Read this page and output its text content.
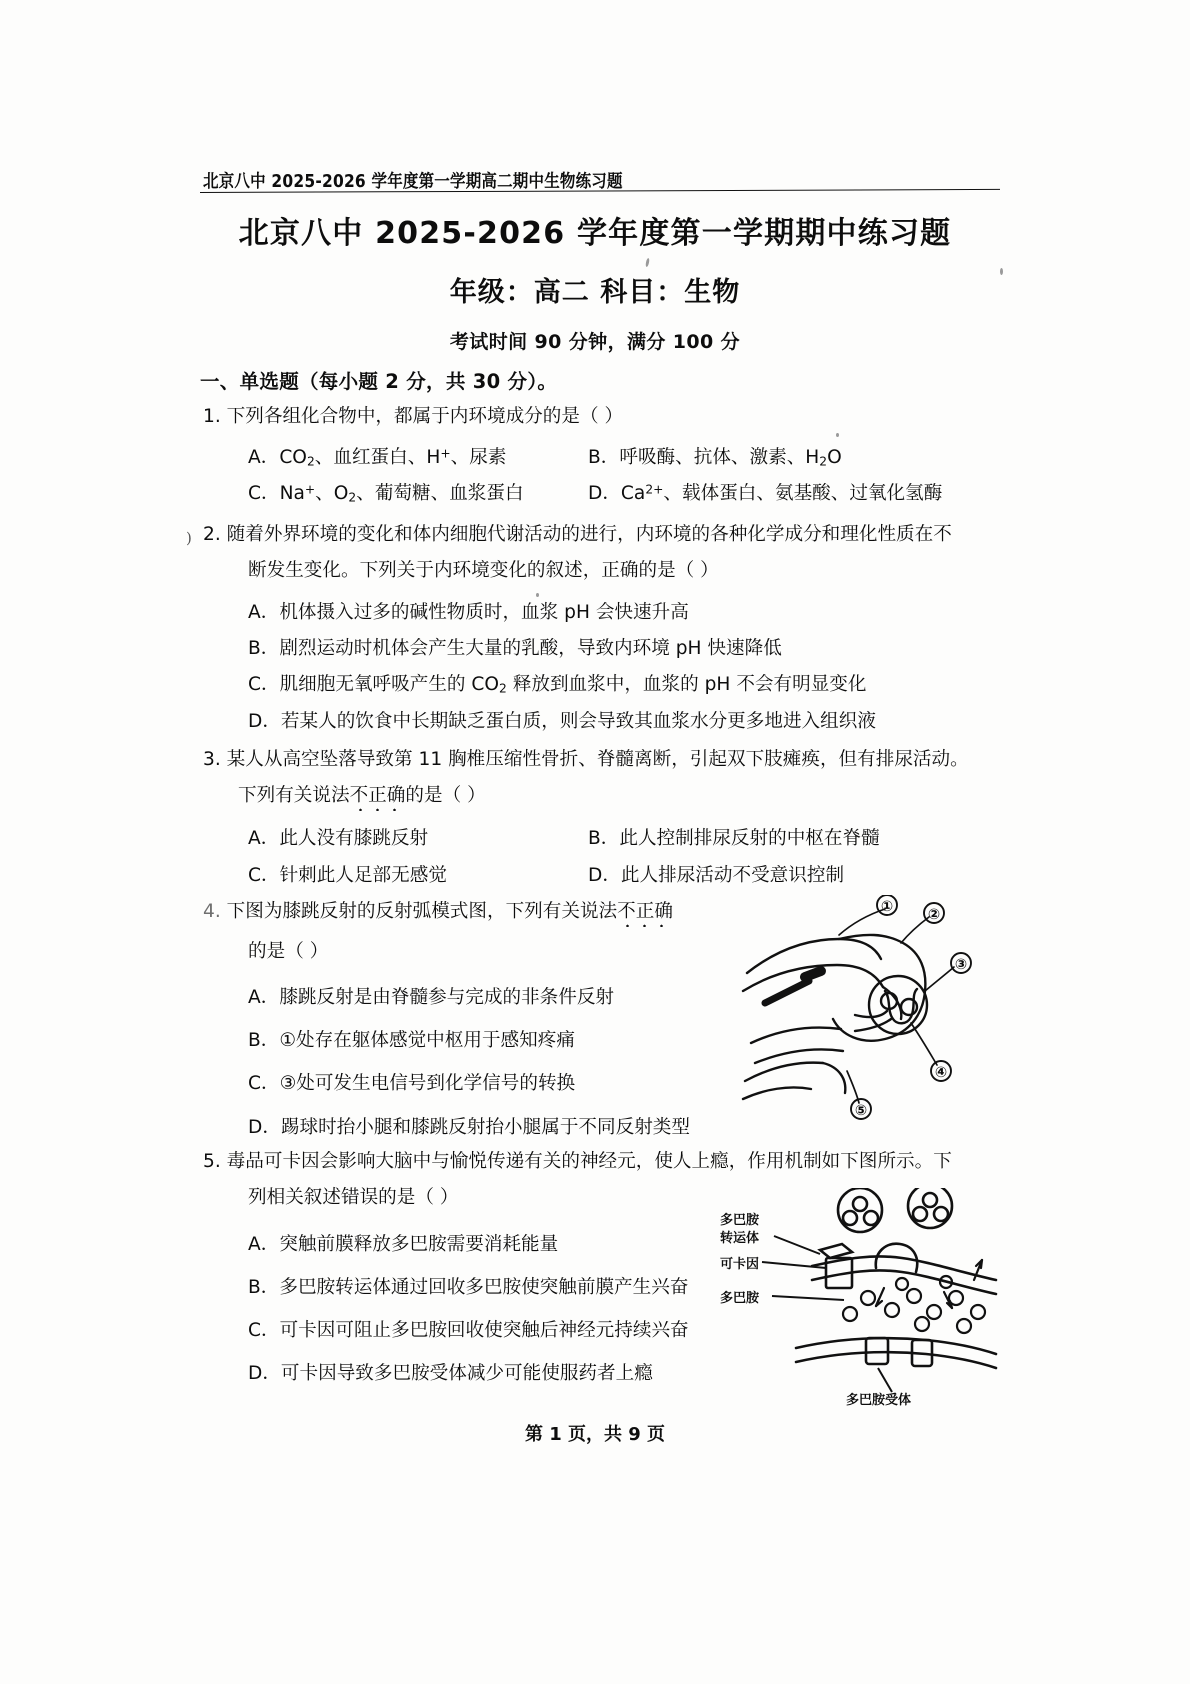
北京八中 2025-2026 学年度第一学期高二期中生物练习题
北京八中 2025-2026 学年度第一学期期中练习题
年级：高二 科目：生物
考试时间 90 分钟，满分 100 分
一、单选题（每小题 2 分，共 30 分）。
)
1. 下列各组化合物中，都属于内环境成分的是（ ）
A．$CO_2$、血红蛋白、H+、尿素	B．呼吸酶、抗体、激素、$H_2O$
C．Na+、$O_2$、葡萄糖、血浆蛋白	D．$Ca^{2+}$、载体蛋白、氨基酸、过氧化氢酶
2. 随着外界环境的变化和体内细胞代谢活动的进行，内环境的各种化学成分和理化性质在不
断发生变化。下列关于内环境变化的叙述，正确的是（ ）
A．机体摄入过多的碱性物质时，血浆 pH 会快速升高
B．剧烈运动时机体会产生大量的乳酸，导致内环境 pH 快速降低
C．肌细胞无氧呼吸产生的 $CO_2$ 释放到血浆中，血浆的 pH 不会有明显变化
D．若某人的饮食中长期缺乏蛋白质，则会导致其血浆水分更多地进入组织液
3. 某人从高空坠落导致第 11 胸椎压缩性骨折、脊髓离断，引起双下肢瘫痪，但有排尿活动。
下列有关说法不正确的是（ ）
A．此人没有膝跳反射	B．此人控制排尿反射的中枢在脊髓
C．针刺此人足部无感觉	D．此人排尿活动不受意识控制
4. 下图为膝跳反射的反射弧模式图，下列有关说法不正确
的是（ ）
A．膝跳反射是由脊髓参与完成的非条件反射
B．①处存在躯体感觉中枢用于感知疼痛
C．③处可发生电信号到化学信号的转换
D．踢球时抬小腿和膝跳反射抬小腿属于不同反射类型
① ②
③
④
⑤
5. 毒品可卡因会影响大脑中与愉悦传递有关的神经元，使人上瘾，作用机制如下图所示。下
列相关叙述错误的是（ ）
A．突触前膜释放多巴胺需要消耗能量
B．多巴胺转运体通过回收多巴胺使突触前膜产生兴奋
C．可卡因可阻止多巴胺回收使突触后神经元持续兴奋
D．可卡因导致多巴胺受体减少可能使服药者上瘾
多巴胺
转运体
可卡因
多巴胺
多巴胺受体
第 1 页，共 9 页
